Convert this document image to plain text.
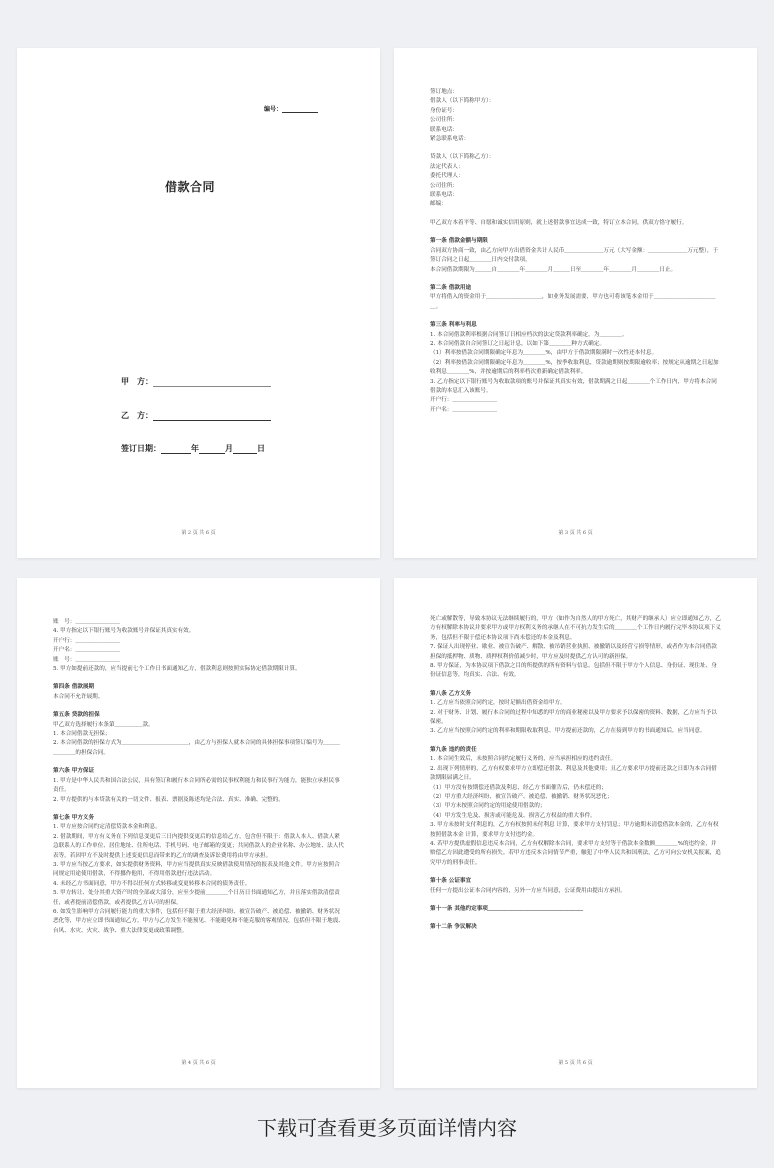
编号：
借款合同
甲　方：
乙　方：
签订日期：	年	月	日
第 2 页 共 6 页

签订地点：

借款人（以下简称甲方）：

身份证号：

公司住所：

联系电话：

紧急联系电话：

贷款人（以下简称乙方）：

法定代表人：

委托代理人：

公司住所：

联系电话：

邮编：

甲乙双方本着平等、自愿和诚实信用原则，就上述借款事宜达成一致，特订立本合同，供双方恪守履行。

第一条 借款金额与期限

合同双方协商一致，由乙方向甲方出借资金共计人民币＿＿＿＿＿＿＿万元（大写金额：＿＿＿＿＿＿＿万元整），于签订合同之日起＿＿＿＿日内交付款项。

本合同借款期限为＿＿＿自＿＿＿＿年＿＿＿＿月＿＿＿日至＿＿＿＿年＿＿＿＿月＿＿＿＿日止。

第二条 借款用途

甲方将借入的资金用于＿＿＿＿＿＿＿＿＿＿，如业务发展需要，甲方也可将该笔本金用于＿＿＿＿＿＿＿＿＿＿＿＿。

第三条 利率与利息

1. 本合同借款利率根据合同签订日相应档次的法定贷款利率确定，为＿＿＿＿。

2. 本合同借款自合同签订之日起计息，以如下第＿＿＿＿种方式确定。

（1）利率按借款合同期限确定年息为＿＿＿＿%，由甲方于借款期限满时一次性还本付息。

（2）利率按借款合同期限确定年息为＿＿＿＿%，按季收取利息，贷款逾期则按期限逾收率；按规定从逾期之日起加收利息＿＿＿＿%，并按逾期后的利率档次重新确定借款利率。

3. 乙方指定以下银行账号为收取款项的账号并保证其真实有效，借款期满之日起＿＿＿＿个工作日内，甲方将本合同借款的本息汇入该账号。

开户行：＿＿＿＿＿＿＿＿

开户名：＿＿＿＿＿＿＿＿

第 3 页 共 6 页

账　号：＿＿＿＿＿＿＿＿

4. 甲方指定以下银行账号为收款账号并保证其真实有效。

开户行：＿＿＿＿＿＿＿＿

开户名：＿＿＿＿＿＿＿＿

账　号：＿＿＿＿＿＿＿＿

5. 甲方如提前还款的，应当提前七个工作日书面通知乙方，借款利息则按照实际协定借款期限计算。

第四条 借款展期

本合同不允许展期。

第五条 贷款的担保

甲乙双方选择履行本条第＿＿＿＿＿款。

1. 本合同借款无担保；

2. 本合同借款的担保方式为＿＿＿＿＿＿＿＿＿＿＿＿，由乙方与担保人就本合同的具体担保事项签订编号为＿＿＿＿＿＿＿的担保合同。

第六条 甲方保证

1. 甲方是中华人民共和国合法公民，具有签订和履行本合同所必需的民事权利能力和民事行为能力，能独立承担民事责任。

2. 甲方提供的与本贷款有关的一切文件、报表、票据及陈述均是合法、真实、准确、完整的。

第七条 甲方义务

1. 甲方应按合同约定清偿贷款本金和利息。

2. 借款期间，甲方有义务在下列信息变更后三日内提供变更后的信息给乙方，包含但不限于：借款人本人、借款人紧急联系人的工作单位、居住地址、住所电话、手机号码、电子邮箱的变更；共同借款人的企业名称、办公地址、法人代表等。若因甲方不及时提供上述变更信息而带来的乙方的调查及诉讼费用将由甲方承担。

3. 甲方应当按乙方要求，如实提供财务资料，甲方应当提供真实反映借款使用情况的报表及其他文件。甲方应按照合同规定用途使用借款，不得挪作他用，不得用借款进行违法活动。

4. 未经乙方书面同意，甲方不得以任何方式转移或变更转移本合同的债务责任。

5. 甲方转让、处分其重大资产时的全部或大部分，应至少提前＿＿＿＿个日历日书面通知乙方，并且落实借款清偿责任，或者提前清偿借款，或者提供乙方认可的担保。

6. 如发生影响甲方合同履行能力的重大事件，包括但不限于重大经济纠纷、被宣告破产、被追偿、被撤销、财务状况恶化等，甲方应立即书面通知乙方。甲方与乙方发生不能预见、不能避免和不能克服的客观情况，包括但不限于地震、台风、水灾、火灾、战争、重大法律变更或政策调整。

第 4 页 共 6 页

死亡或解散等，导致本协议无法继续履行的，甲方（如作为自然人的甲方死亡，其财产的继承人）应立即通知乙方，乙方有权解除本协议并要求甲方或甲方权利义务的承继人在不可抗力发生后的＿＿＿＿个工作日内履行完毕本协议项下义务，包括但不限于偿还本协议项下尚未偿还的本金及利息。

7. 保证人出现停业、歇业、被宣告破产、解散、被吊销营业执照、被撤销以及经营亏损等情形，或者作为本合同借款担保的抵押物、质物、质押权利价值减少时，甲方应及时提供乙方认可的新担保。

8. 甲方保证，为本协议项下借款之目的所提供的所有资料与信息，包括但不限于甲方个人信息、身份证、现住址、身份证信息等，均真实、合法、有效。

第八条 乙方义务

1. 乙方应当依照合同约定，按时足额出借资金给甲方。

2. 对于财务、计划、履行本合同的过程中知悉的甲方的商业秘密以及甲方要求予以保密的资料、数据，乙方应当予以保密。

3. 乙方应当按照合同约定的利率和期限收取利息。甲方提前还款的，乙方在接到甲方的书面通知后，应当同意。

第九条 违约的责任

1. 本合同生效后，未按照合同约定履行义务的，应当承担相应的违约责任。

2. 出现下列情形的，乙方有权要求甲方立即偿还借款、利息及其他费用；且乙方要求甲方提前还款之日即为本合同借款期限届满之日。

（1）甲方没有按期偿还借款及利息，经乙方书面催告后，仍未偿还的；

（2）甲方重大经济纠纷、被宣告破产、被追偿、被撤销、财务状况恶化；

（3）甲方未按照合同约定的用途使用借款的；

（4）甲方发生危及、损害或可能危及、损害乙方权益的重大事件。

3. 甲方未按时支付利息的，乙方有权按照未付利息 计算，要求甲方支付罚息；甲方逾期未清偿借款本金的，乙方有权按照借款本金 计算，要求甲方支付违约金。

4. 若甲方提供虚假信息违反本合同，乙方有权解除本合同，要求甲方支付等于借款本金数额＿＿＿＿%的违约金，并赔偿乙方因此遭受的所有损失。若甲方违反本合同情节严重，触犯了中华人民共和国刑法，乙方可向公安机关报案，追究甲方的刑事责任。

第十条 公证事宜

任何一方提出公证本合同内容的，另外一方应当同意，公证费用由提出方承担。

第十一条 其他约定事项＿＿＿＿＿＿＿＿＿＿＿＿＿＿＿＿＿

第十二条 争议解决

第 5 页 共 6 页
下载可查看更多页面详情内容
